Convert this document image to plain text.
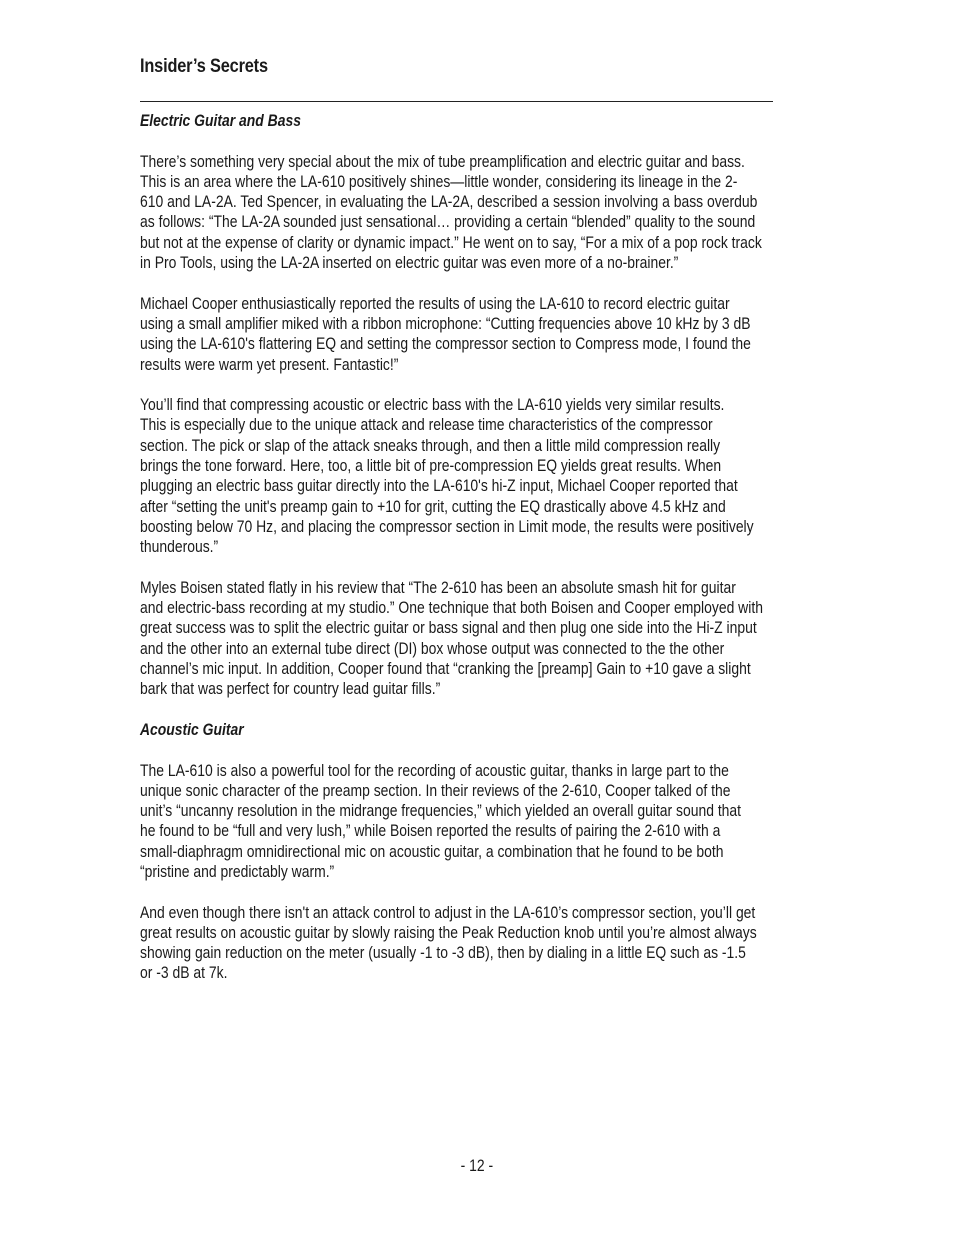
Insider’s Secrets
Electric Guitar and Bass
There’s something very special about the mix of tube preamplification and electric guitar and bass.
This is an area where the LA-610 positively shines—little wonder, considering its lineage in the 2-
610 and LA-2A. Ted Spencer, in evaluating the LA-2A, described a session involving a bass overdub
as follows: “The LA-2A sounded just sensational… providing a certain “blended” quality to the sound
but not at the expense of clarity or dynamic impact.” He went on to say, “For a mix of a pop rock track
in Pro Tools, using the LA-2A inserted on electric guitar was even more of a no-brainer.”
Michael Cooper enthusiastically reported the results of using the LA-610 to record electric guitar
using a small amplifier miked with a ribbon microphone: “Cutting frequencies above 10 kHz by 3 dB
using the LA-610's flattering EQ and setting the compressor section to Compress mode, I found the
results were warm yet present. Fantastic!”
You’ll find that compressing acoustic or electric bass with the LA-610 yields very similar results.
This is especially due to the unique attack and release time characteristics of the compressor
section. The pick or slap of the attack sneaks through, and then a little mild compression really
brings the tone forward. Here, too, a little bit of pre-compression EQ yields great results. When
plugging an electric bass guitar directly into the LA-610's hi-Z input, Michael Cooper reported that
after “setting the unit's preamp gain to +10 for grit, cutting the EQ drastically above 4.5 kHz and
boosting below 70 Hz, and placing the compressor section in Limit mode, the results were positively
thunderous.”
Myles Boisen stated flatly in his review that “The 2-610 has been an absolute smash hit for guitar
and electric-bass recording at my studio.” One technique that both Boisen and Cooper employed with
great success was to split the electric guitar or bass signal and then plug one side into the Hi-Z input
and the other into an external tube direct (DI) box whose output was connected to the the other
channel’s mic input. In addition, Cooper found that “cranking the [preamp] Gain to +10 gave a slight
bark that was perfect for country lead guitar fills.”
Acoustic Guitar
The LA-610 is also a powerful tool for the recording of acoustic guitar, thanks in large part to the
unique sonic character of the preamp section. In their reviews of the 2-610, Cooper talked of the
unit’s “uncanny resolution in the midrange frequencies,” which yielded an overall guitar sound that
he found to be “full and very lush,” while Boisen reported the results of pairing the 2-610 with a
small-diaphragm omnidirectional mic on acoustic guitar, a combination that he found to be both
“pristine and predictably warm.”
And even though there isn't an attack control to adjust in the LA-610’s compressor section, you’ll get
great results on acoustic guitar by slowly raising the Peak Reduction knob until you’re almost always
showing gain reduction on the meter (usually -1 to -3 dB), then by dialing in a little EQ such as -1.5
or -3 dB at 7k.
- 12 -
